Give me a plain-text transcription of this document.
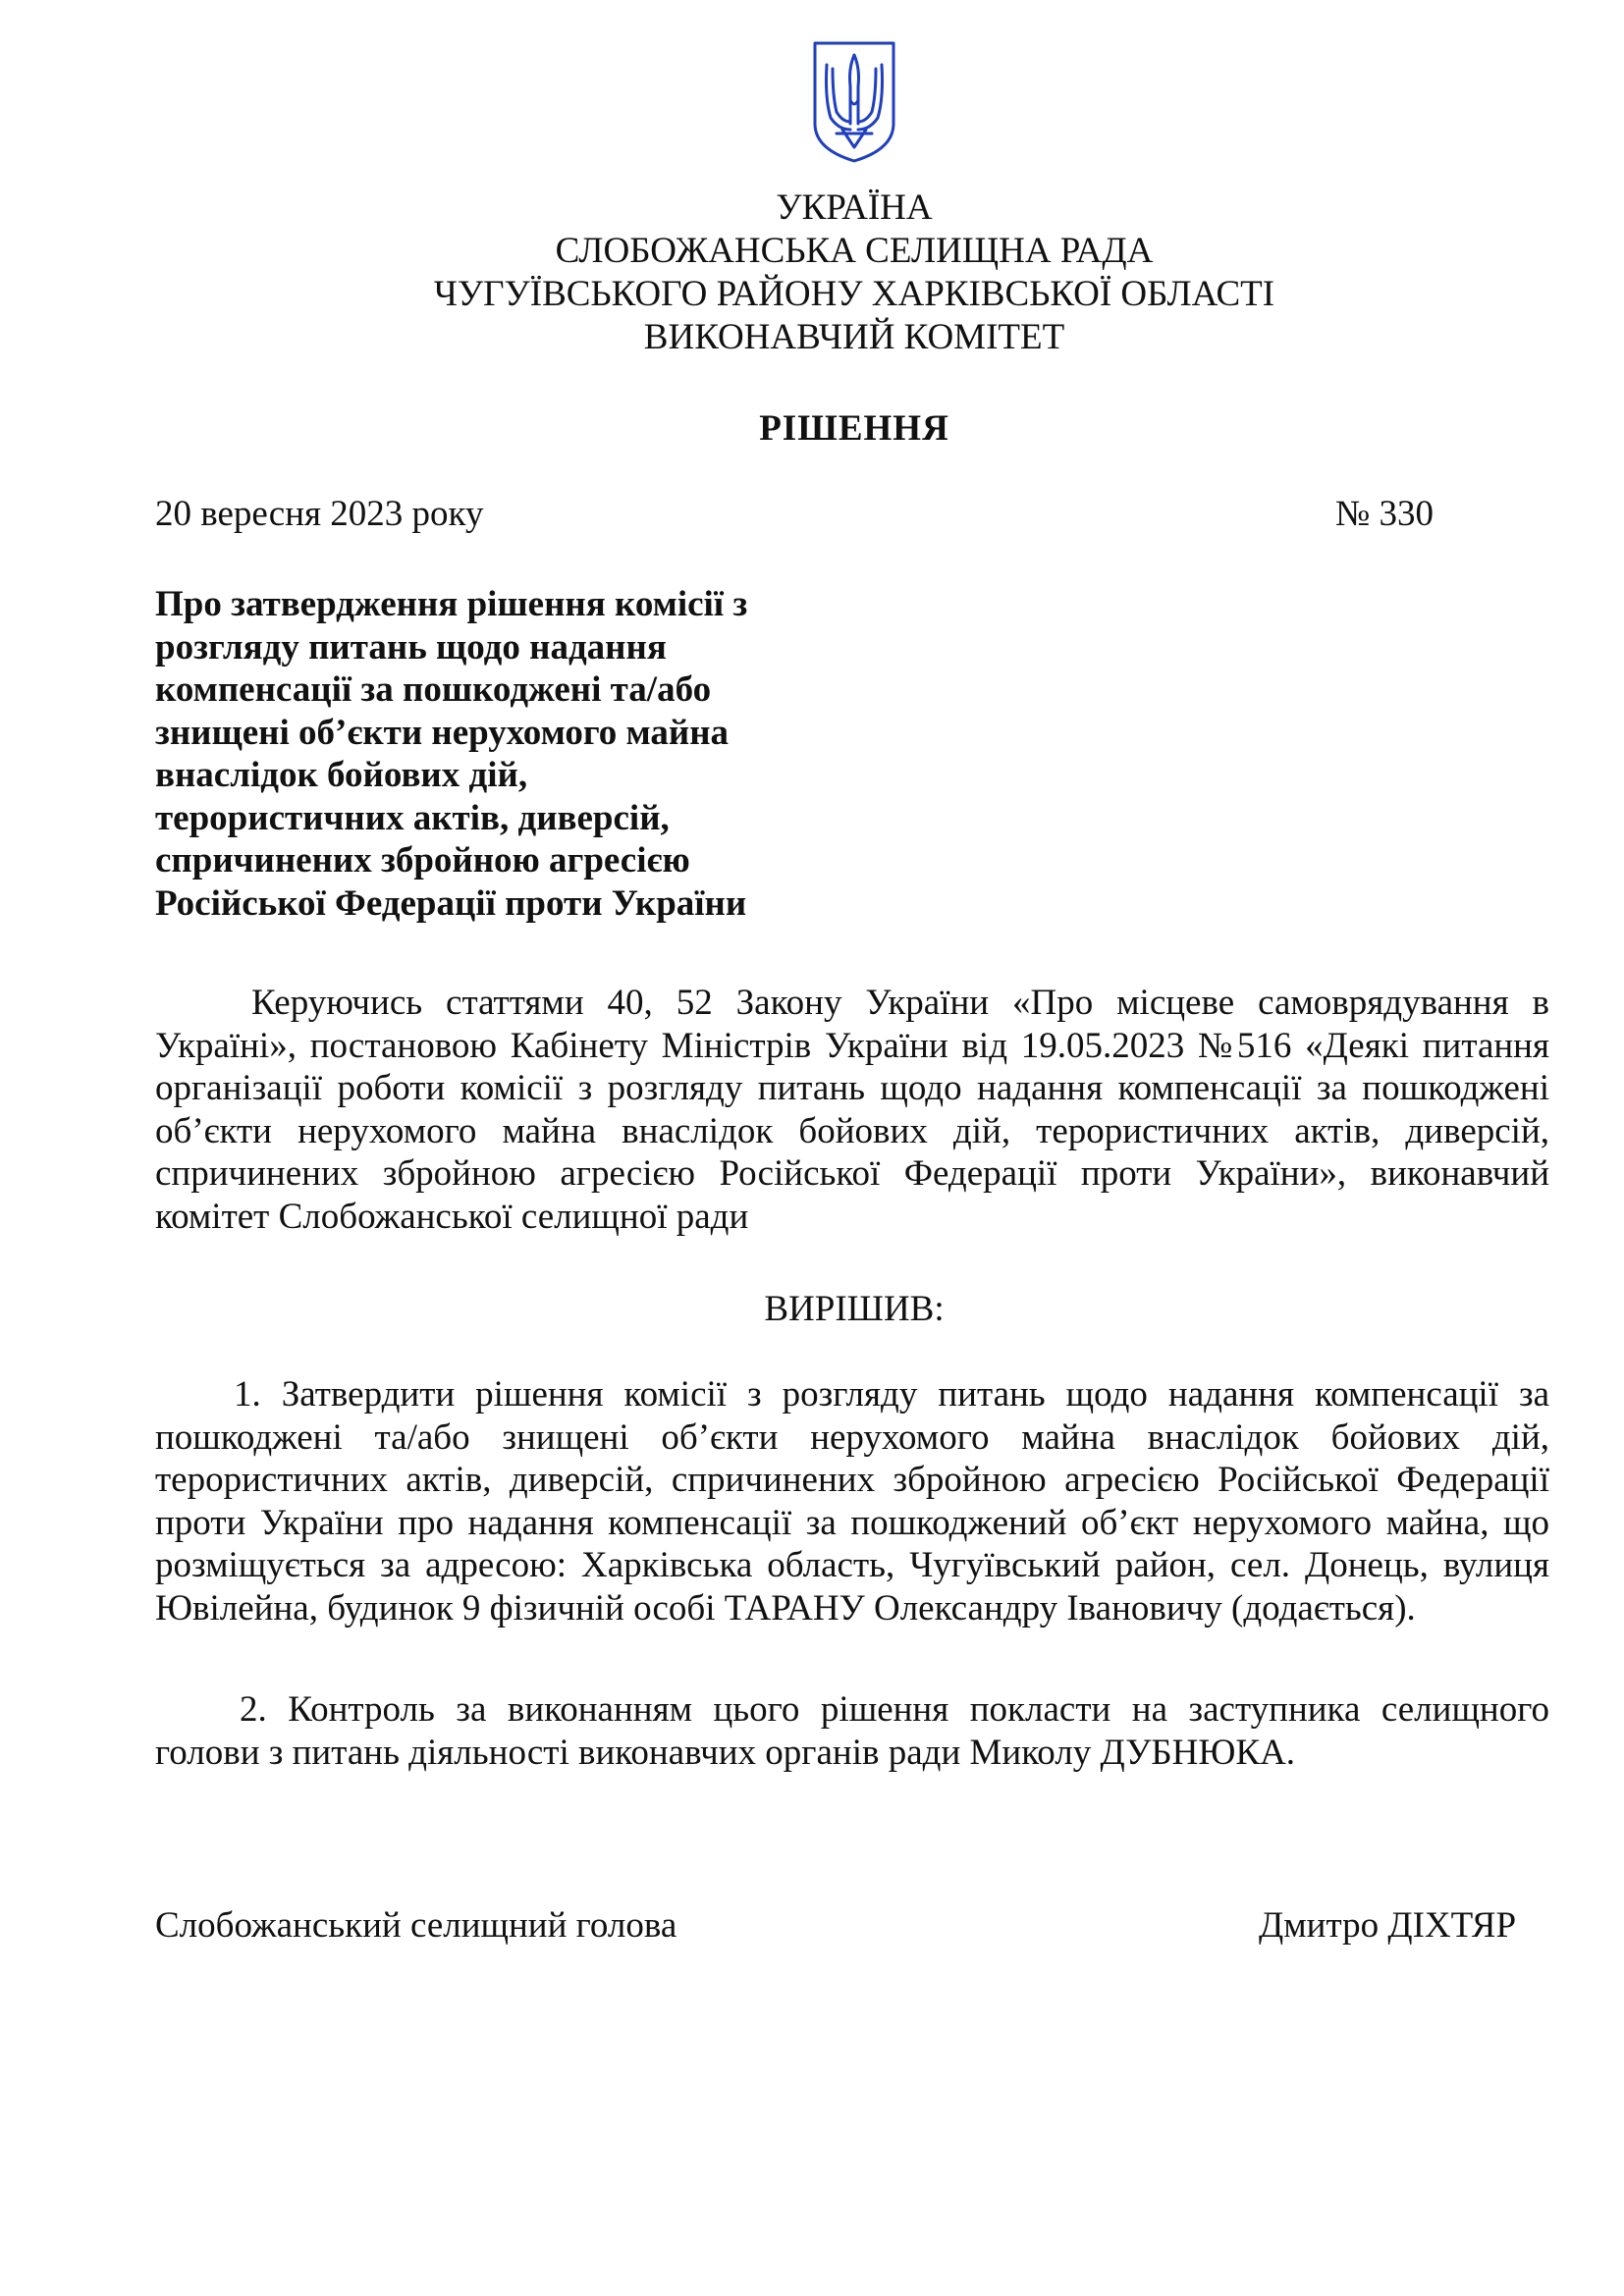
УКРАЇНА
СЛОБОЖАНСЬКА СЕЛИЩНА РАДА
ЧУГУЇВСЬКОГО РАЙОНУ ХАРКІВСЬКОЇ ОБЛАСТІ
ВИКОНАВЧИЙ КОМІТЕТ
РІШЕННЯ
20 вересня 2023 року	№ 330
Про затвердження рішення комісії з
розгляду питань щодо надання
компенсації за пошкоджені та/або
знищені об’єкти нерухомого майна
внаслідок бойових дій,
терористичних актів, диверсій,
спричинених збройною агресією
Російської Федерації проти України
Керуючись статтями 40, 52 Закону України «Про місцеве самоврядування в Україні», постановою Кабінету Міністрів України від 19.05.2023 №516 «Деякі питання організації роботи комісії з розгляду питань щодо надання компенсації за пошкоджені об’єкти нерухомого майна внаслідок бойових дій, терористичних актів, диверсій, спричинених збройною агресією Російської Федерації проти України», виконавчий комітет Слобожанської селищної ради
ВИРІШИВ:
1. Затвердити рішення комісії з розгляду питань щодо надання компенсації за пошкоджені та/або знищені об’єкти нерухомого майна внаслідок бойових дій, терористичних актів, диверсій, спричинених збройною агресією Російської Федерації проти України про надання компенсації за пошкоджений об’єкт нерухомого майна, що розміщується за адресою: Харківська область, Чугуївський район, сел. Донець, вулиця Ювілейна, будинок 9 фізичній особі ТАРАНУ Олександру Івановичу (додається).
2. Контроль за виконанням цього рішення покласти на заступника селищного голови з питань діяльності виконавчих органів ради Миколу ДУБНЮКА.
Слобожанський селищний голова	Дмитро ДІХТЯР
